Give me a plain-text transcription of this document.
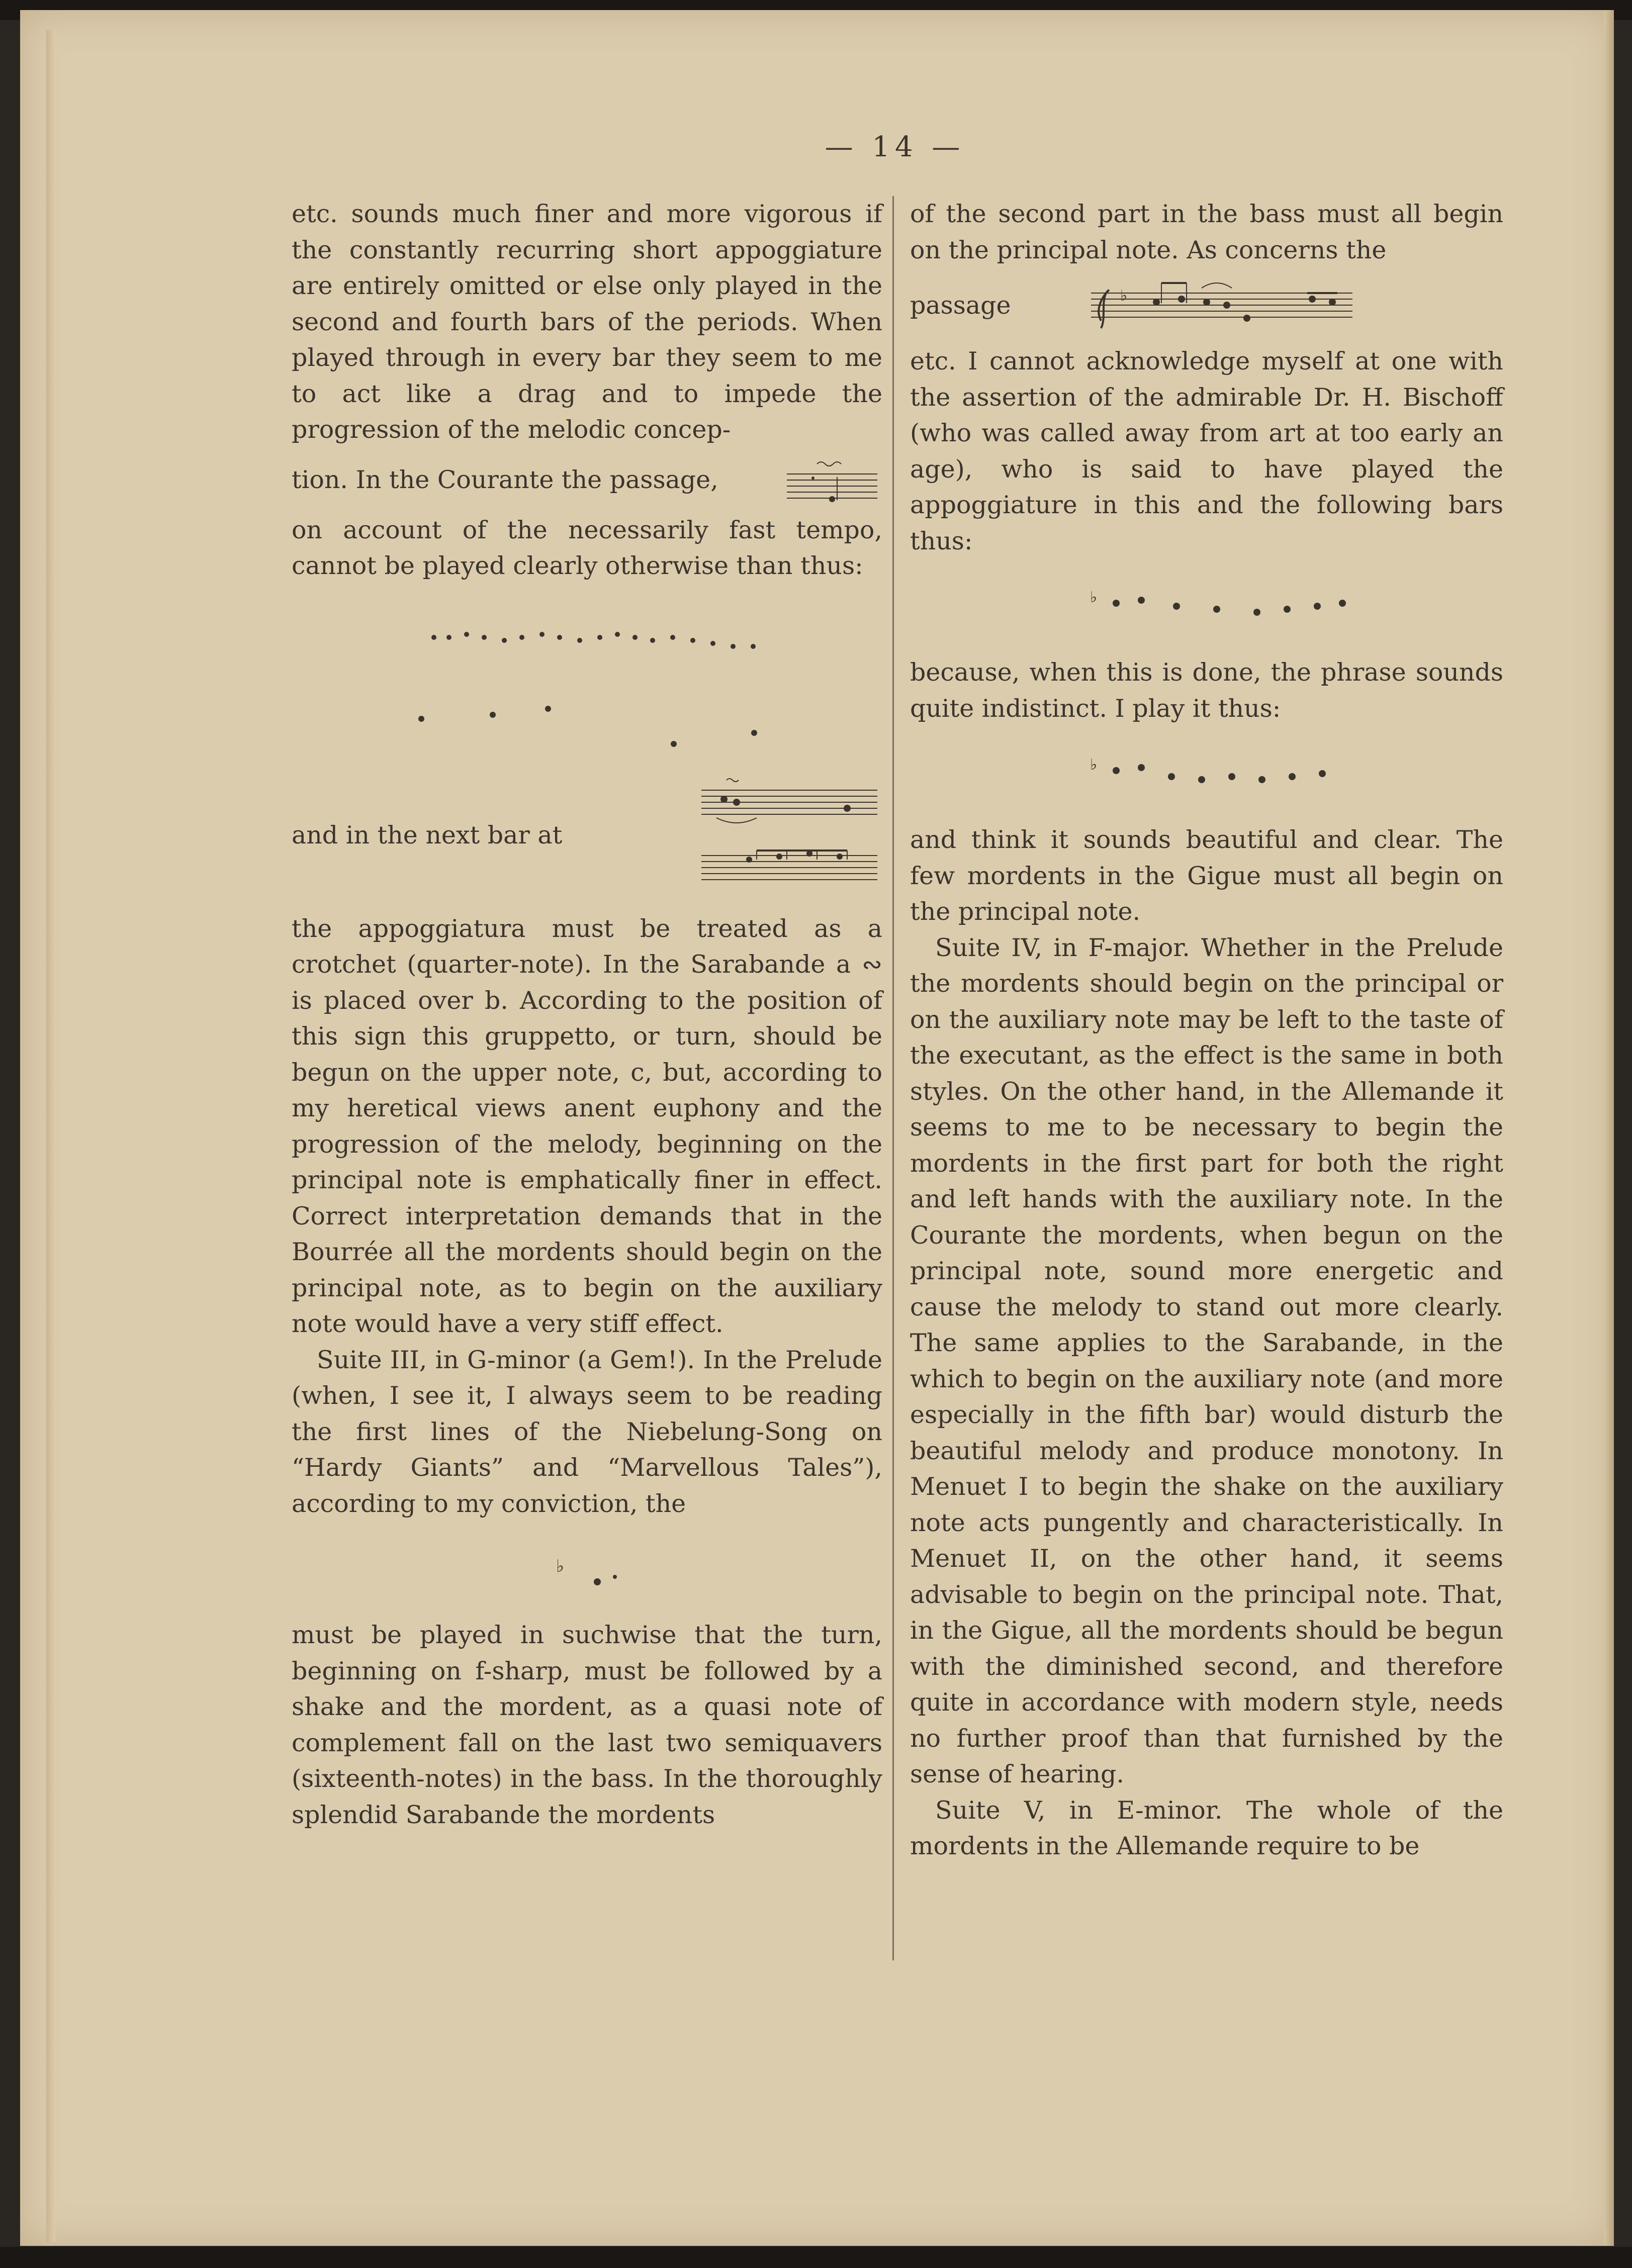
— 14 —

etc. sounds much finer and more vigorous if the constantly recurring short appoggiature are entirely omitted or else only played in the second and fourth bars of the periods. When played through in every bar they seem to me to act like a drag and to impede the progression of the melodic concep-

tion. In the Courante the passage,

on account of the necessarily fast tempo, cannot be played clearly otherwise than thus:

and in the next bar at

the appoggiatura must be treated as a crotchet (quarter-note). In the Sarabande a ∾ is placed over b. According to the position of this sign this gruppetto, or turn, should be begun on the upper note, c, but, according to my heretical views anent euphony and the progression of the melody, beginning on the principal note is emphatically finer in effect. Correct interpretation demands that in the Bourrée all the mordents should begin on the principal note, as to begin on the auxiliary note would have a very stiff effect.

Suite III, in G-minor (a Gem!). In the Prelude (when, I see it, I always seem to be reading the first lines of the Niebelung-Song on “Hardy Giants” and “Marvellous Tales”), according to my conviction, the

♭

must be played in suchwise that the turn, beginning on f-sharp, must be followed by a shake and the mordent, as a quasi note of complement fall on the last two semiquavers (sixteenth-notes) in the bass. In the thoroughly splendid Sarabande the mordents

of the second part in the bass must all begin on the principal note. As concerns the

passage	♭

etc. I cannot acknowledge myself at one with the assertion of the admirable Dr. H. Bischoff (who was called away from art at too early an age), who is said to have played the appoggiature in this and the following bars thus:

♭

because, when this is done, the phrase sounds quite indistinct. I play it thus:

♭

and think it sounds beautiful and clear. The few mordents in the Gigue must all begin on the principal note.

Suite IV, in F-major. Whether in the Prelude the mordents should begin on the principal or on the auxiliary note may be left to the taste of the executant, as the effect is the same in both styles. On the other hand, in the Allemande it seems to me to be necessary to begin the mordents in the first part for both the right and left hands with the auxiliary note. In the Courante the mordents, when begun on the principal note, sound more energetic and cause the melody to stand out more clearly. The same applies to the Sarabande, in the which to begin on the auxiliary note (and more especially in the fifth bar) would disturb the beautiful melody and produce monotony. In Menuet I to begin the shake on the auxiliary note acts pungently and characteristically. In Menuet II, on the other hand, it seems advisable to begin on the principal note. That, in the Gigue, all the mordents should be begun with the diminished second, and therefore quite in accordance with modern style, needs no further proof than that furnished by the sense of hearing.

Suite V, in E-minor. The whole of the mordents in the Allemande require to be
